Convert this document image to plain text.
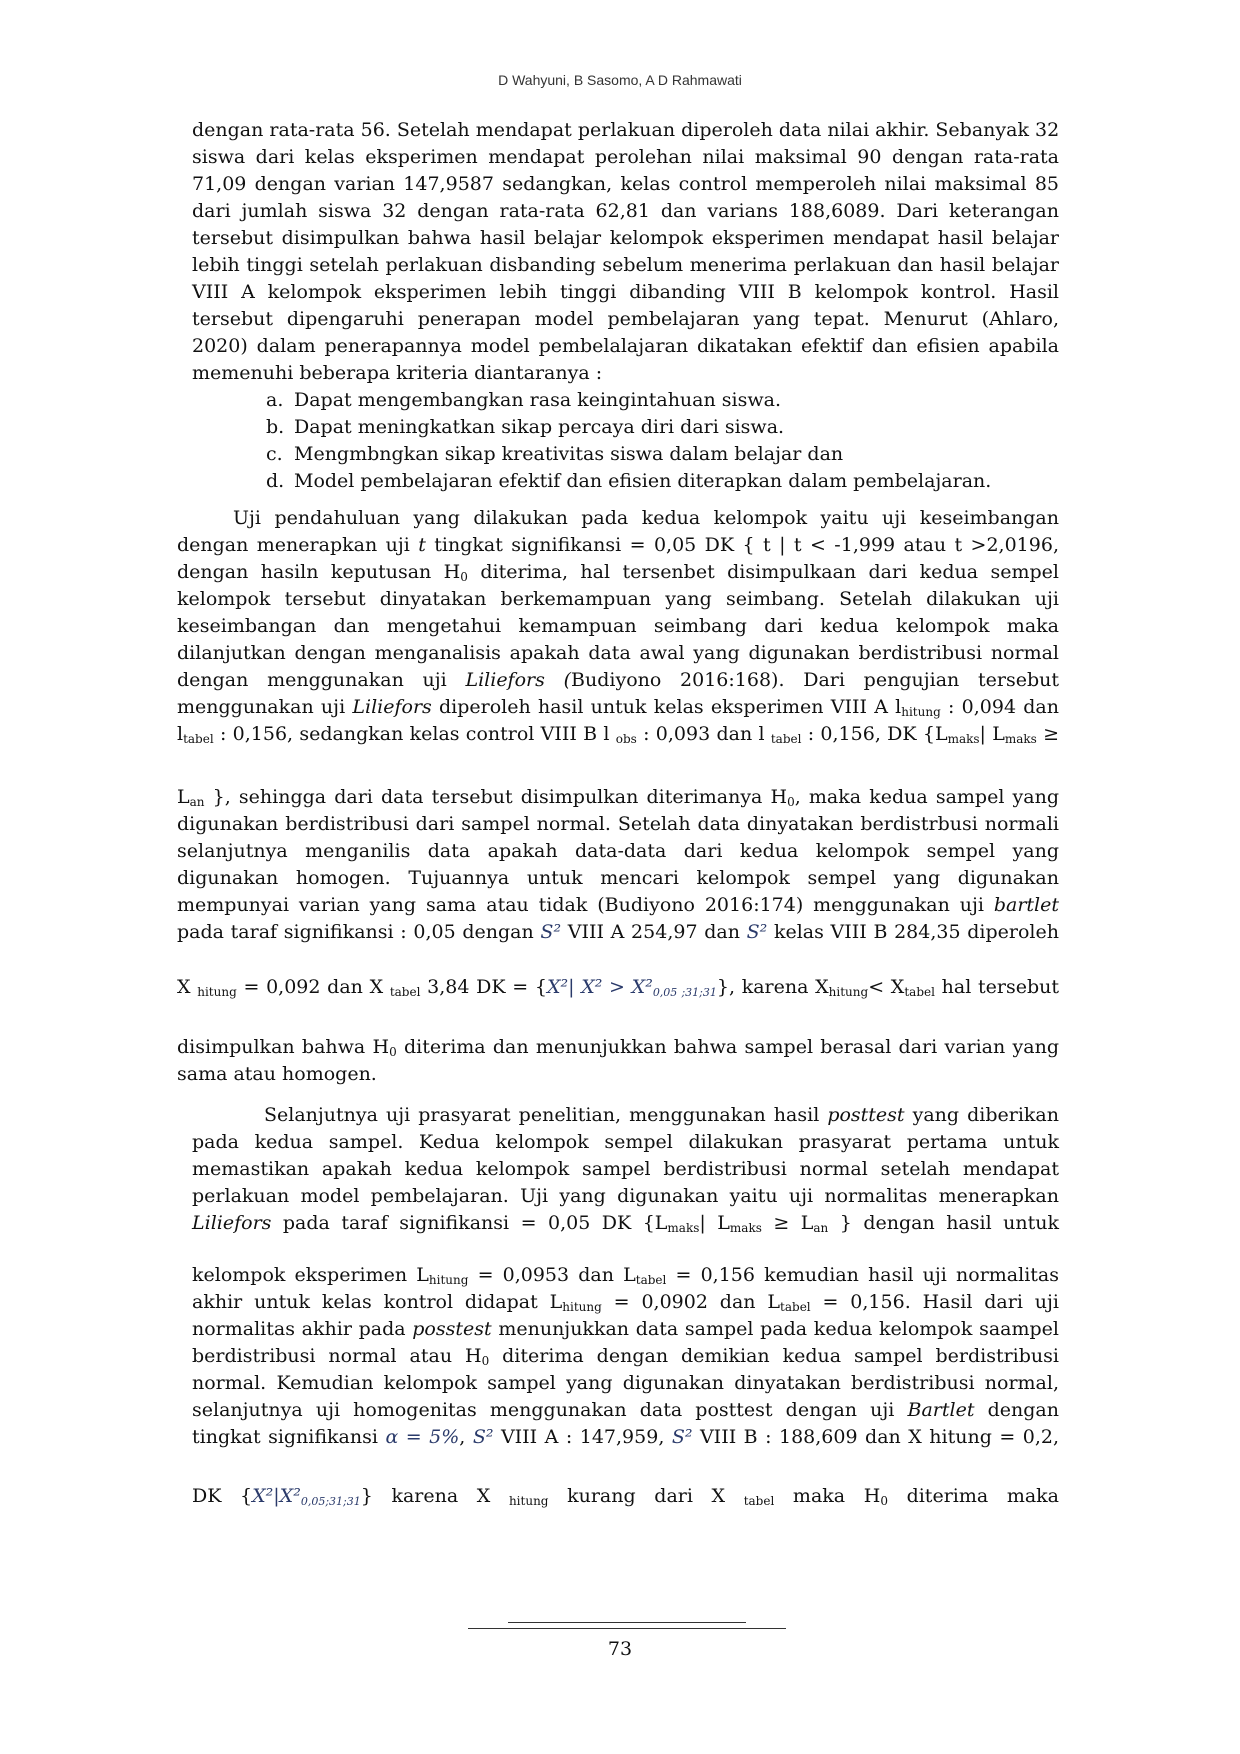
D Wahyuni, B Sasomo, A D Rahmawati
dengan rata-rata 56. Setelah mendapat perlakuan diperoleh data nilai akhir. Sebanyak 32
siswa dari kelas eksperimen mendapat perolehan nilai maksimal 90 dengan rata-rata
71,09 dengan varian 147,9587 sedangkan, kelas control memperoleh nilai maksimal 85
dari jumlah siswa 32 dengan rata-rata 62,81 dan varians 188,6089. Dari keterangan
tersebut disimpulkan bahwa hasil belajar kelompok eksperimen mendapat hasil belajar
lebih tinggi setelah perlakuan disbanding sebelum menerima perlakuan dan hasil belajar
VIII A kelompok eksperimen lebih tinggi dibanding VIII B kelompok kontrol. Hasil
tersebut dipengaruhi penerapan model pembelajaran yang tepat. Menurut (Ahlaro,
2020) dalam penerapannya model pembelalajaran dikatakan efektif dan efisien apabila
memenuhi beberapa kriteria diantaranya :
a. Dapat mengembangkan rasa keingintahuan siswa.
b. Dapat meningkatkan sikap percaya diri dari siswa.
c. Mengmbngkan sikap kreativitas siswa dalam belajar dan
d. Model pembelajaran efektif dan efisien diterapkan dalam pembelajaran.
Uji pendahuluan yang dilakukan pada kedua kelompok yaitu uji keseimbangan
dengan menerapkan uji t tingkat signifikansi = 0,05 DK { t | t < -1,999 atau t >2,0196,
dengan hasiln keputusan $H_0$ diterima, hal tersenbet disimpulkaan dari kedua sempel
kelompok tersebut dinyatakan berkemampuan yang seimbang. Setelah dilakukan uji
keseimbangan dan mengetahui kemampuan seimbang dari kedua kelompok maka
dilanjutkan dengan menganalisis apakah data awal yang digunakan berdistribusi normal
dengan menggunakan uji Liliefors (Budiyono 2016:168). Dari pengujian tersebut
menggunakan uji Liliefors diperoleh hasil untuk kelas eksperimen VIII A $l_{hitung}$ : 0,094 dan
$l_{tabel}$ : 0,156, sedangkan kelas control VIII B l $_{obs}$ : 0,093 dan l $_{tabel}$ : 0,156, DK {$L_{maks}|$ $L_{maks}$ ≥
$L_{an}$ }, sehingga dari data tersebut disimpulkan diterimanya $H_0$, maka kedua sampel yang
digunakan berdistribusi dari sampel normal. Setelah data dinyatakan berdistrbusi normali
selanjutnya menganilis data apakah data-data dari kedua kelompok sempel yang
digunakan homogen. Tujuannya untuk mencari kelompok sempel yang digunakan
mempunyai varian yang sama atau tidak (Budiyono 2016:174) menggunakan uji bartlet
pada taraf signifikansi : 0,05 dengan S² VIII A 254,97 dan S² kelas VIII B 284,35 diperoleh
X $_{hitung}$ = 0,092 dan X $_{tabel}$ 3,84 DK = {X²| $X^2 > X^2_{0,05 ;31;31}$}, karena $X_{hitung}< X_{tabel}$ hal tersebut
disimpulkan bahwa $H_0$ diterima dan menunjukkan bahwa sampel berasal dari varian yang
sama atau homogen.
Selanjutnya uji prasyarat penelitian, menggunakan hasil posttest yang diberikan
pada kedua sampel. Kedua kelompok sempel dilakukan prasyarat pertama untuk
memastikan apakah kedua kelompok sampel berdistribusi normal setelah mendapat
perlakuan model pembelajaran. Uji yang digunakan yaitu uji normalitas menerapkan
Liliefors pada taraf signifikansi = 0,05 DK {$L_{maks}|$ $L_{maks} \ge L_{an}$ } dengan hasil untuk
kelompok eksperimen $L_{hitung} = 0,0953$ dan $L_{tabel} = 0,156$ kemudian hasil uji normalitas
akhir untuk kelas kontrol didapat $L_{hitung} = 0,0902$ dan $L_{tabel} = 0,156$. Hasil dari uji
normalitas akhir pada posstest menunjukkan data sampel pada kedua kelompok saampel
berdistribusi normal atau $H_0$ diterima dengan demikian kedua sampel berdistribusi
normal. Kemudian kelompok sampel yang digunakan dinyatakan berdistribusi normal,
selanjutnya uji homogenitas menggunakan data posttest dengan uji Bartlet dengan
tingkat signifikansi α = 5%, S² VIII A : 147,959, S² VIII B : 188,609 dan X hitung = 0,2,
DK $\{X^2|X^2_{0,05;31;31}\}$ karena X $_{hitung}$ kurang dari X $_{tabel}$ maka $H_0$ diterima maka
73
